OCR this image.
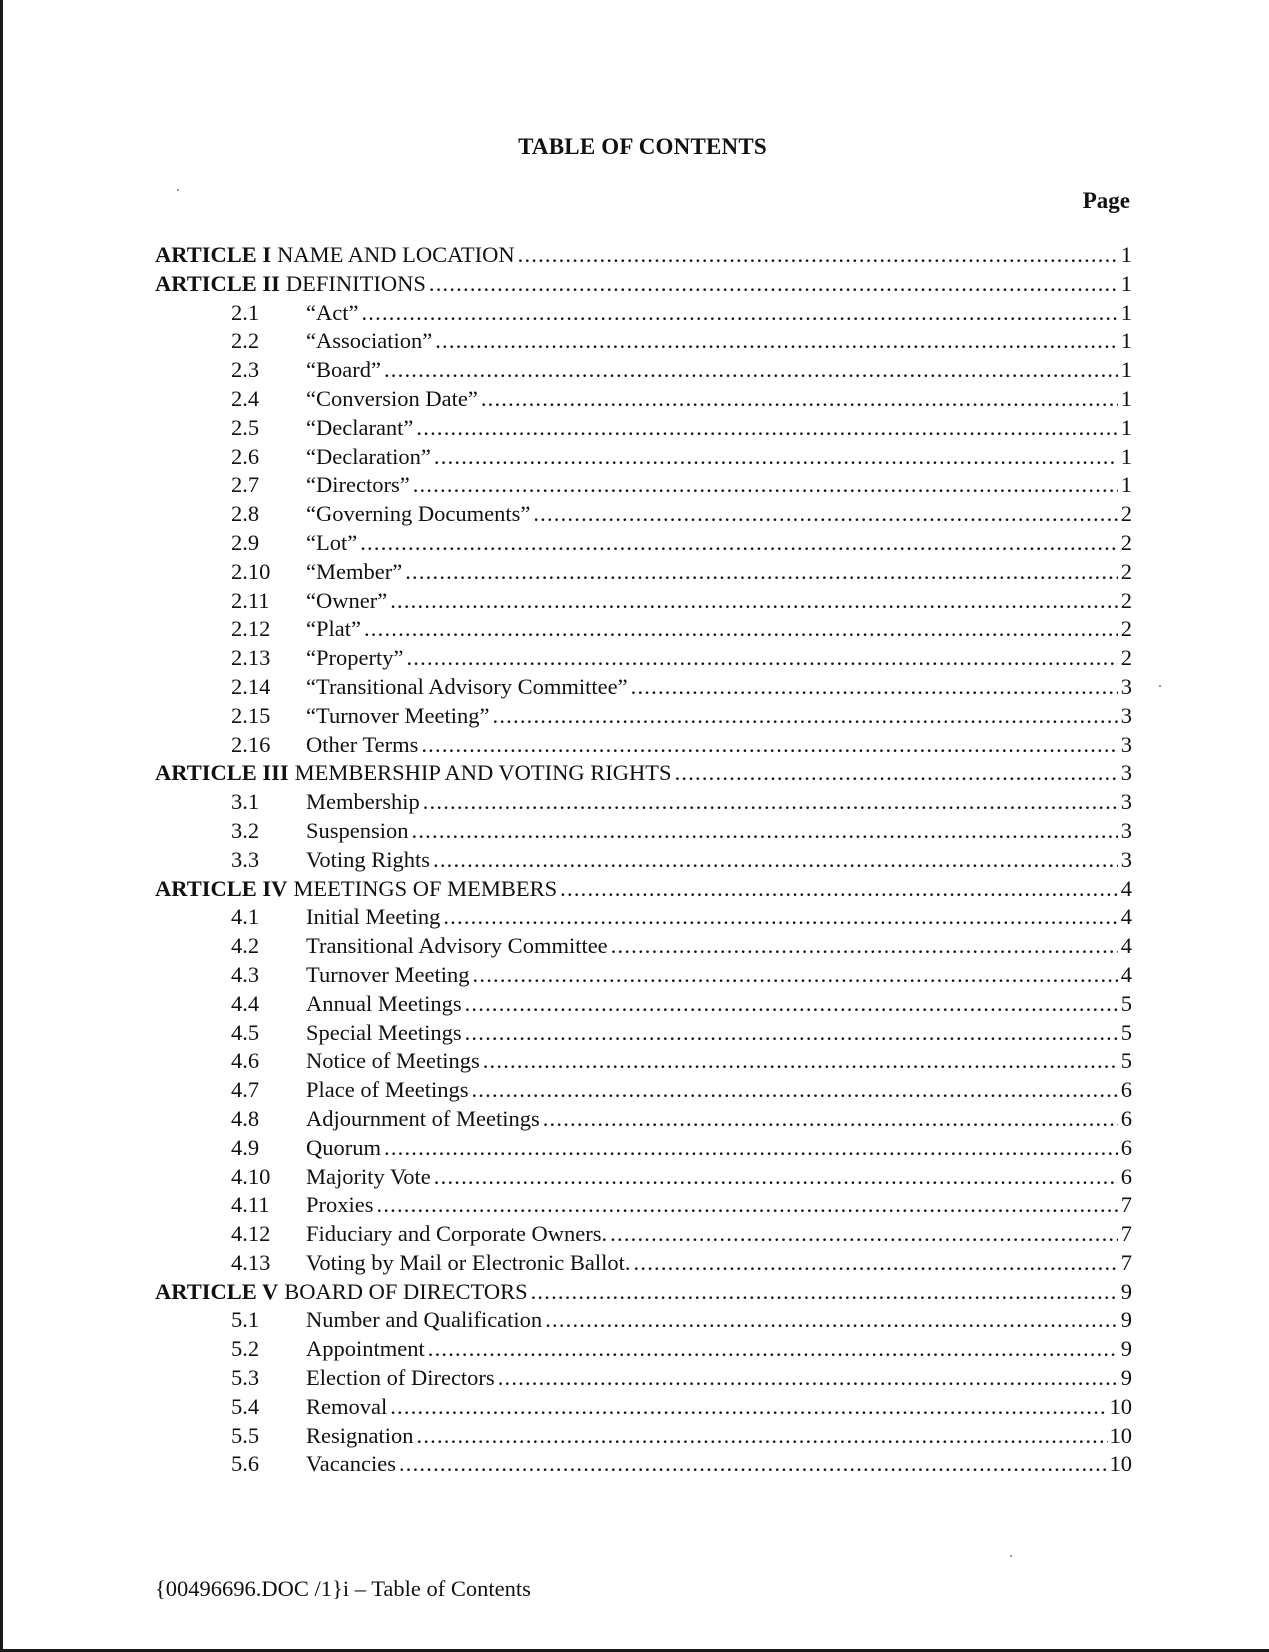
TABLE OF CONTENTS
Page
ARTICLE I NAME AND LOCATION .....	1
ARTICLE II DEFINITIONS .....	1
2.1	“Act” .....	1
2.2	“Association” .....	1
2.3	“Board” .....	1
2.4	“Conversion Date” .....	1
2.5	“Declarant” .....	1
2.6	“Declaration” .....	1
2.7	“Directors” .....	1
2.8	“Governing Documents” .....	2
2.9	“Lot” .....	2
2.10	“Member” .....	2
2.11	“Owner” .....	2
2.12	“Plat” .....	2
2.13	“Property” .....	2
2.14	“Transitional Advisory Committee” .....	3
2.15	“Turnover Meeting” .....	3
2.16	Other Terms .....	3
ARTICLE III MEMBERSHIP AND VOTING RIGHTS .....	3
3.1	Membership .....	3
3.2	Suspension .....	3
3.3	Voting Rights .....	3
ARTICLE IV MEETINGS OF MEMBERS .....	4
4.1	Initial Meeting .....	4
4.2	Transitional Advisory Committee .....	4
4.3	Turnover Meeting .....	4
4.4	Annual Meetings .....	5
4.5	Special Meetings .....	5
4.6	Notice of Meetings .....	5
4.7	Place of Meetings .....	6
4.8	Adjournment of Meetings .....	6
4.9	Quorum .....	6
4.10	Majority Vote .....	6
4.11	Proxies .....	7
4.12	Fiduciary and Corporate Owners. .....	7
4.13	Voting by Mail or Electronic Ballot. .....	7
ARTICLE V BOARD OF DIRECTORS .....	9
5.1	Number and Qualification .....	9
5.2	Appointment .....	9
5.3	Election of Directors .....	9
5.4	Removal .....	10
5.5	Resignation .....	10
5.6	Vacancies .....	10
{00496696.DOC /1}i – Table of Contents
